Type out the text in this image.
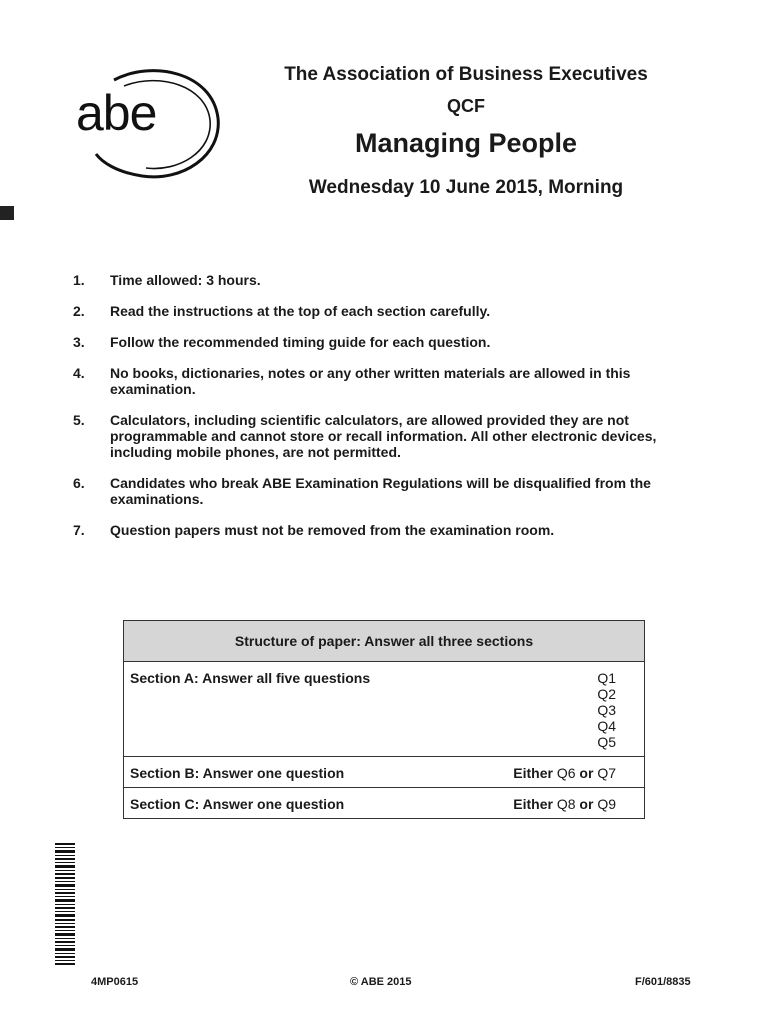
abe
The Association of Business Executives
QCF
Managing People
Wednesday 10 June 2015, Morning
1.	Time allowed: 3 hours.
2.	Read the instructions at the top of each section carefully.
3.	Follow the recommended timing guide for each question.
4.	No books, dictionaries, notes or any other written materials are allowed in this examination.
5.	Calculators, including scientific calculators, are allowed provided they are not programmable and cannot store or recall information. All other electronic devices, including mobile phones, are not permitted.
6.	Candidates who break ABE Examination Regulations will be disqualified from the examinations.
7.	Question papers must not be removed from the examination room.
Structure of paper: Answer all three sections	
Section A: Answer all five questions	Q1
Q2
Q3
Q4
Q5

Section B: Answer one question	Either Q6 or Q7
Section C: Answer one question	Either Q8 or Q9
4MP0615	© ABE 2015	F/601/8835
